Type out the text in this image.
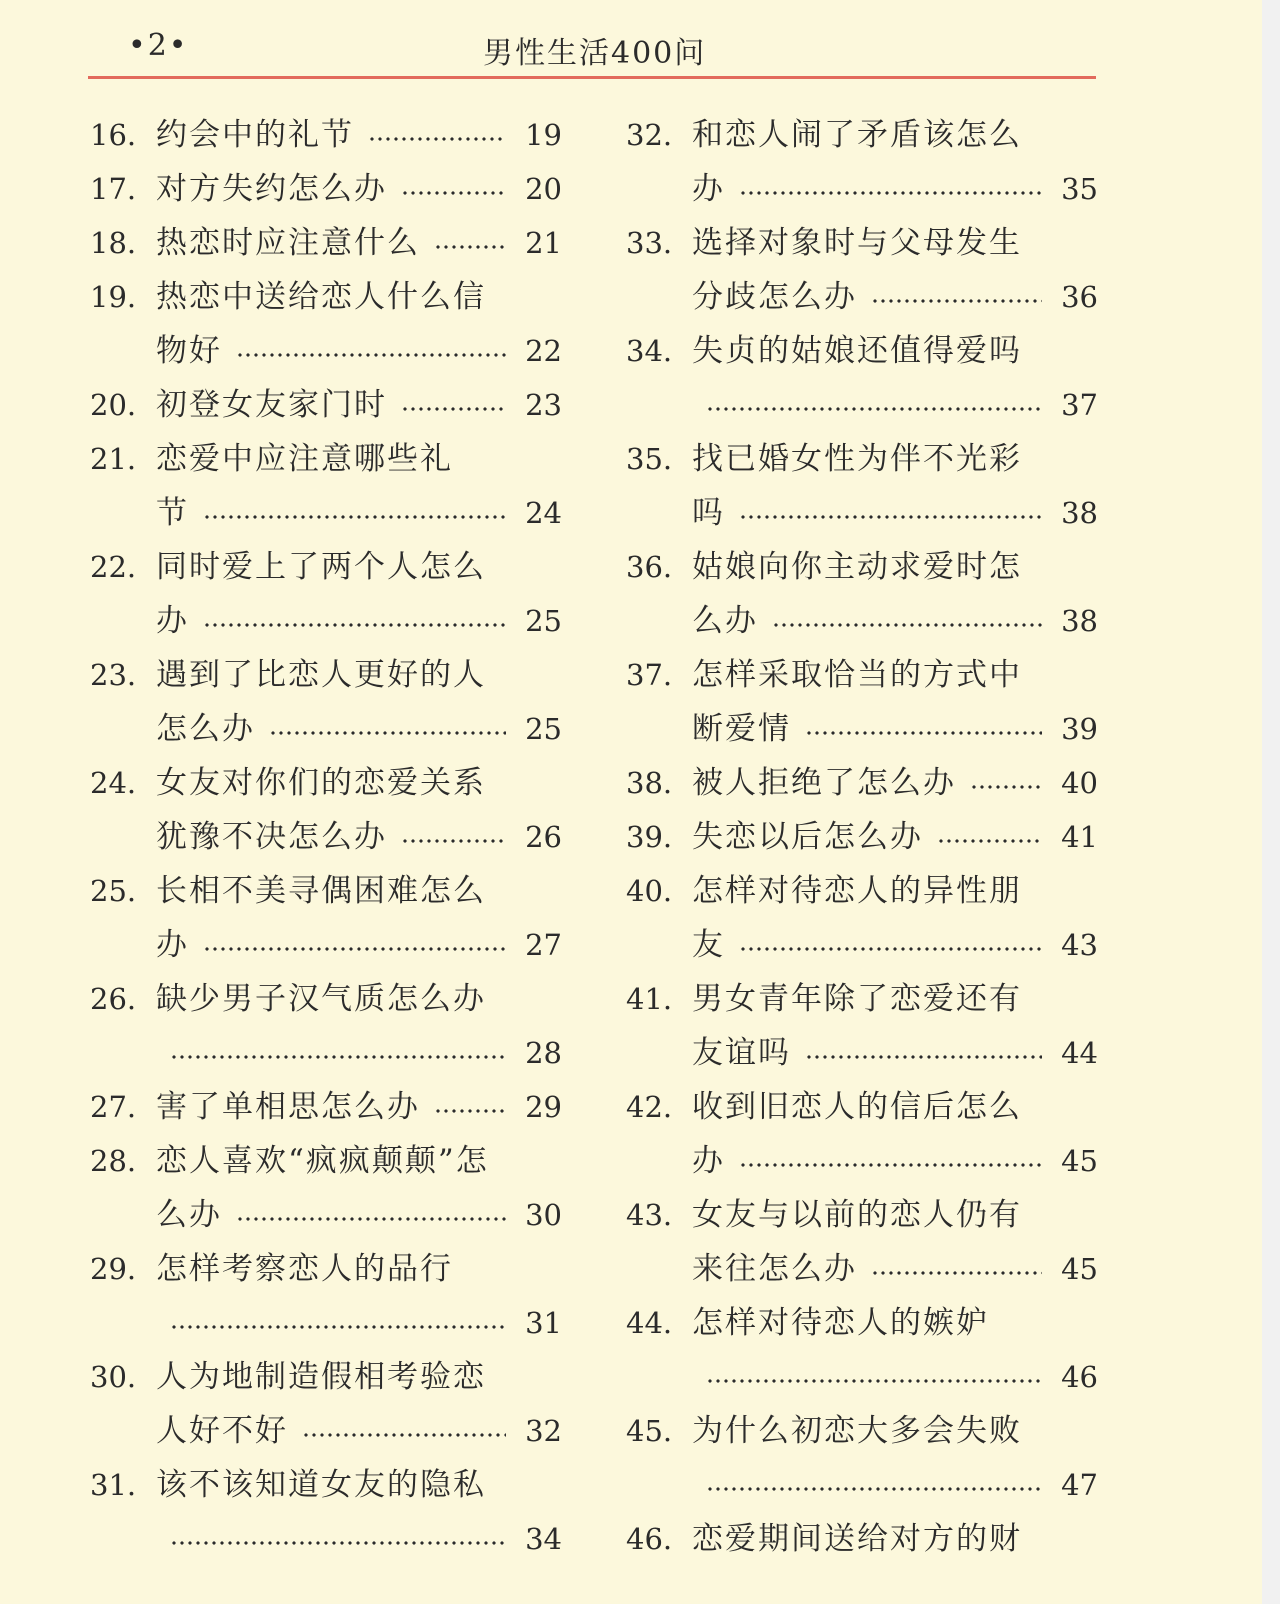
•2•	男性生活400问
16. 约会中的礼节	19
17. 对方失约怎么办	20
18. 热恋时应注意什么	21
19. 热恋中送给恋人什么信
物好	22
20. 初登女友家门时	23
21. 恋爱中应注意哪些礼
节	24
22. 同时爱上了两个人怎么
办	25
23. 遇到了比恋人更好的人
怎么办	25
24. 女友对你们的恋爱关系
犹豫不决怎么办	26
25. 长相不美寻偶困难怎么
办	27
26. 缺少男子汉气质怎么办
28
27. 害了单相思怎么办	29
28. 恋人喜欢“疯疯颠颠”怎
么办	30
29. 怎样考察恋人的品行
31
30. 人为地制造假相考验恋
人好不好	32
31. 该不该知道女友的隐私
34
32. 和恋人闹了矛盾该怎么
办	35
33. 选择对象时与父母发生
分歧怎么办	36
34. 失贞的姑娘还值得爱吗
37
35. 找已婚女性为伴不光彩
吗	38
36. 姑娘向你主动求爱时怎
么办	38
37. 怎样采取恰当的方式中
断爱情	39
38. 被人拒绝了怎么办	40
39. 失恋以后怎么办	41
40. 怎样对待恋人的异性朋
友	43
41. 男女青年除了恋爱还有
友谊吗	44
42. 收到旧恋人的信后怎么
办	45
43. 女友与以前的恋人仍有
来往怎么办	45
44. 怎样对待恋人的嫉妒
46
45. 为什么初恋大多会失败
47
46. 恋爱期间送给对方的财
